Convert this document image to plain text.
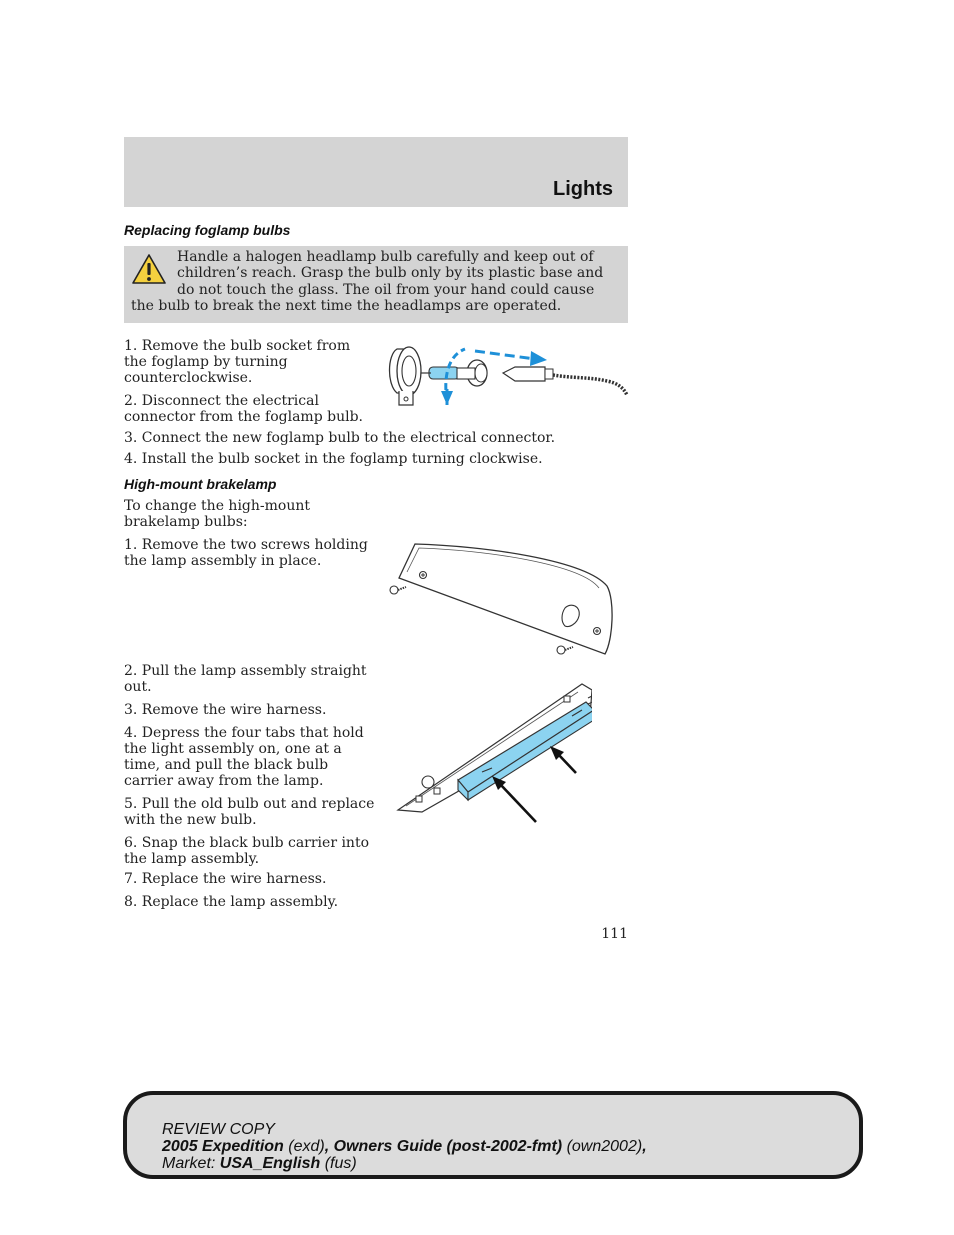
Lights
Replacing foglamp bulbs
Handle a halogen headlamp bulb carefully and keep out of children’s reach. Grasp the bulb only by its plastic base and do not touch the glass. The oil from your hand could cause the bulb to break the next time the headlamps are operated.

1. Remove the bulb socket from the foglamp by turning counterclockwise.

2. Disconnect the electrical connector from the foglamp bulb.

3. Connect the new foglamp bulb to the electrical connector.

4. Install the bulb socket in the foglamp turning clockwise.

High-mount brakelamp

To change the high-mount brakelamp bulbs:

1. Remove the two screws holding the lamp assembly in place.

2. Pull the lamp assembly straight out.

3. Remove the wire harness.

4. Depress the four tabs that hold the light assembly on, one at a time, and pull the black bulb carrier away from the lamp.

5. Pull the old bulb out and replace with the new bulb.

6. Snap the black bulb carrier into the lamp assembly.

7. Replace the wire harness.

8. Replace the lamp assembly.

111
REVIEW COPY
2005 Expedition (exd), Owners Guide (post-2002-fmt) (own2002),
Market: USA_English (fus)
